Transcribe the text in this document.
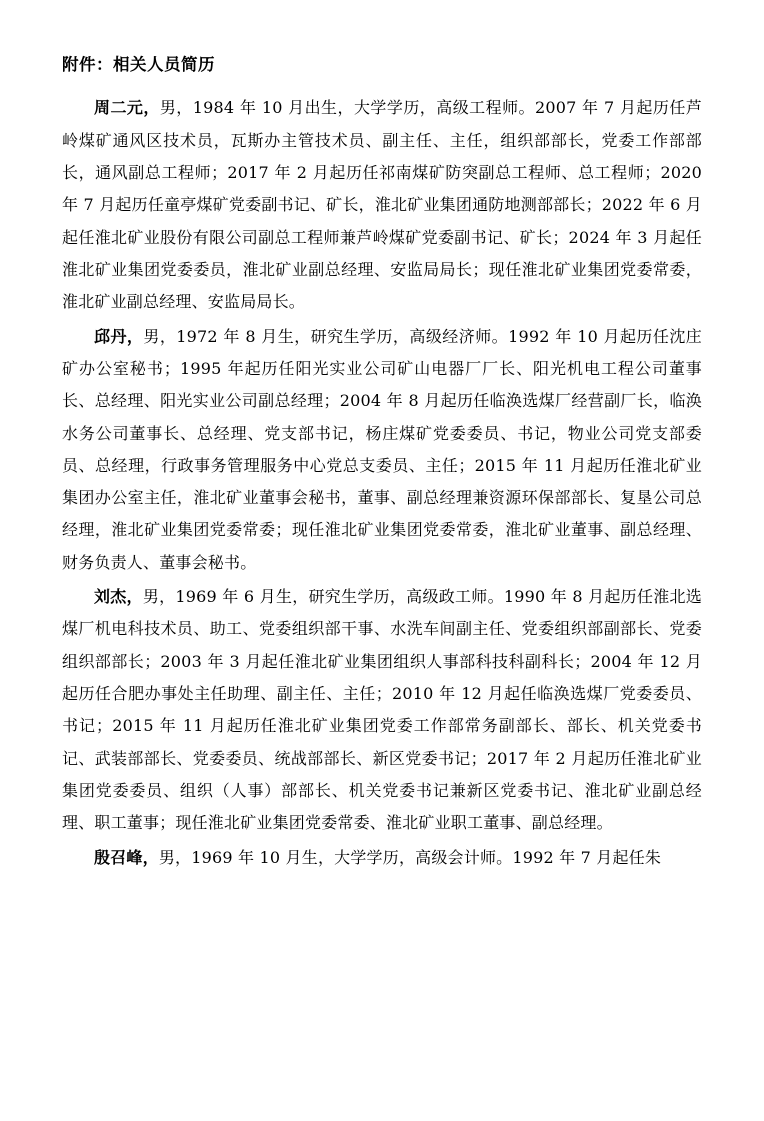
附件：相关人员简历

周二元，男，1984 年 10 月出生，大学学历，高级工程师。2007 年 7 月起历任芦岭煤矿通风区技术员，瓦斯办主管技术员、副主任、主任，组织部部长，党委工作部部长，通风副总工程师；2017 年 2 月起历任祁南煤矿防突副总工程师、总工程师；2020 年 7 月起历任童亭煤矿党委副书记、矿长，淮北矿业集团通防地测部部长；2022 年 6 月起任淮北矿业股份有限公司副总工程师兼芦岭煤矿党委副书记、矿长；2024 年 3 月起任淮北矿业集团党委委员，淮北矿业副总经理、安监局局长；现任淮北矿业集团党委常委，淮北矿业副总经理、安监局局长。

邱丹，男，1972 年 8 月生，研究生学历，高级经济师。1992 年 10 月起历任沈庄矿办公室秘书；1995 年起历任阳光实业公司矿山电器厂厂长、阳光机电工程公司董事长、总经理、阳光实业公司副总经理；2004 年 8 月起历任临涣选煤厂经营副厂长，临涣水务公司董事长、总经理、党支部书记，杨庄煤矿党委委员、书记，物业公司党支部委员、总经理，行政事务管理服务中心党总支委员、主任；2015 年 11 月起历任淮北矿业集团办公室主任，淮北矿业董事会秘书，董事、副总经理兼资源环保部部长、复垦公司总经理，淮北矿业集团党委常委；现任淮北矿业集团党委常委，淮北矿业董事、副总经理、财务负责人、董事会秘书。

刘杰，男，1969 年 6 月生，研究生学历，高级政工师。1990 年 8 月起历任淮北选煤厂机电科技术员、助工、党委组织部干事、水洗车间副主任、党委组织部副部长、党委组织部部长；2003 年 3 月起任淮北矿业集团组织人事部科技科副科长；2004 年 12 月起历任合肥办事处主任助理、副主任、主任；2010 年 12 月起任临涣选煤厂党委委员、书记；2015 年 11 月起历任淮北矿业集团党委工作部常务副部长、部长、机关党委书记、武装部部长、党委委员、统战部部长、新区党委书记；2017 年 2 月起历任淮北矿业集团党委委员、组织（人事）部部长、机关党委书记兼新区党委书记、淮北矿业副总经理、职工董事；现任淮北矿业集团党委常委、淮北矿业职工董事、副总经理。

殷召峰，男，1969 年 10 月生，大学学历，高级会计师。1992 年 7 月起任朱
